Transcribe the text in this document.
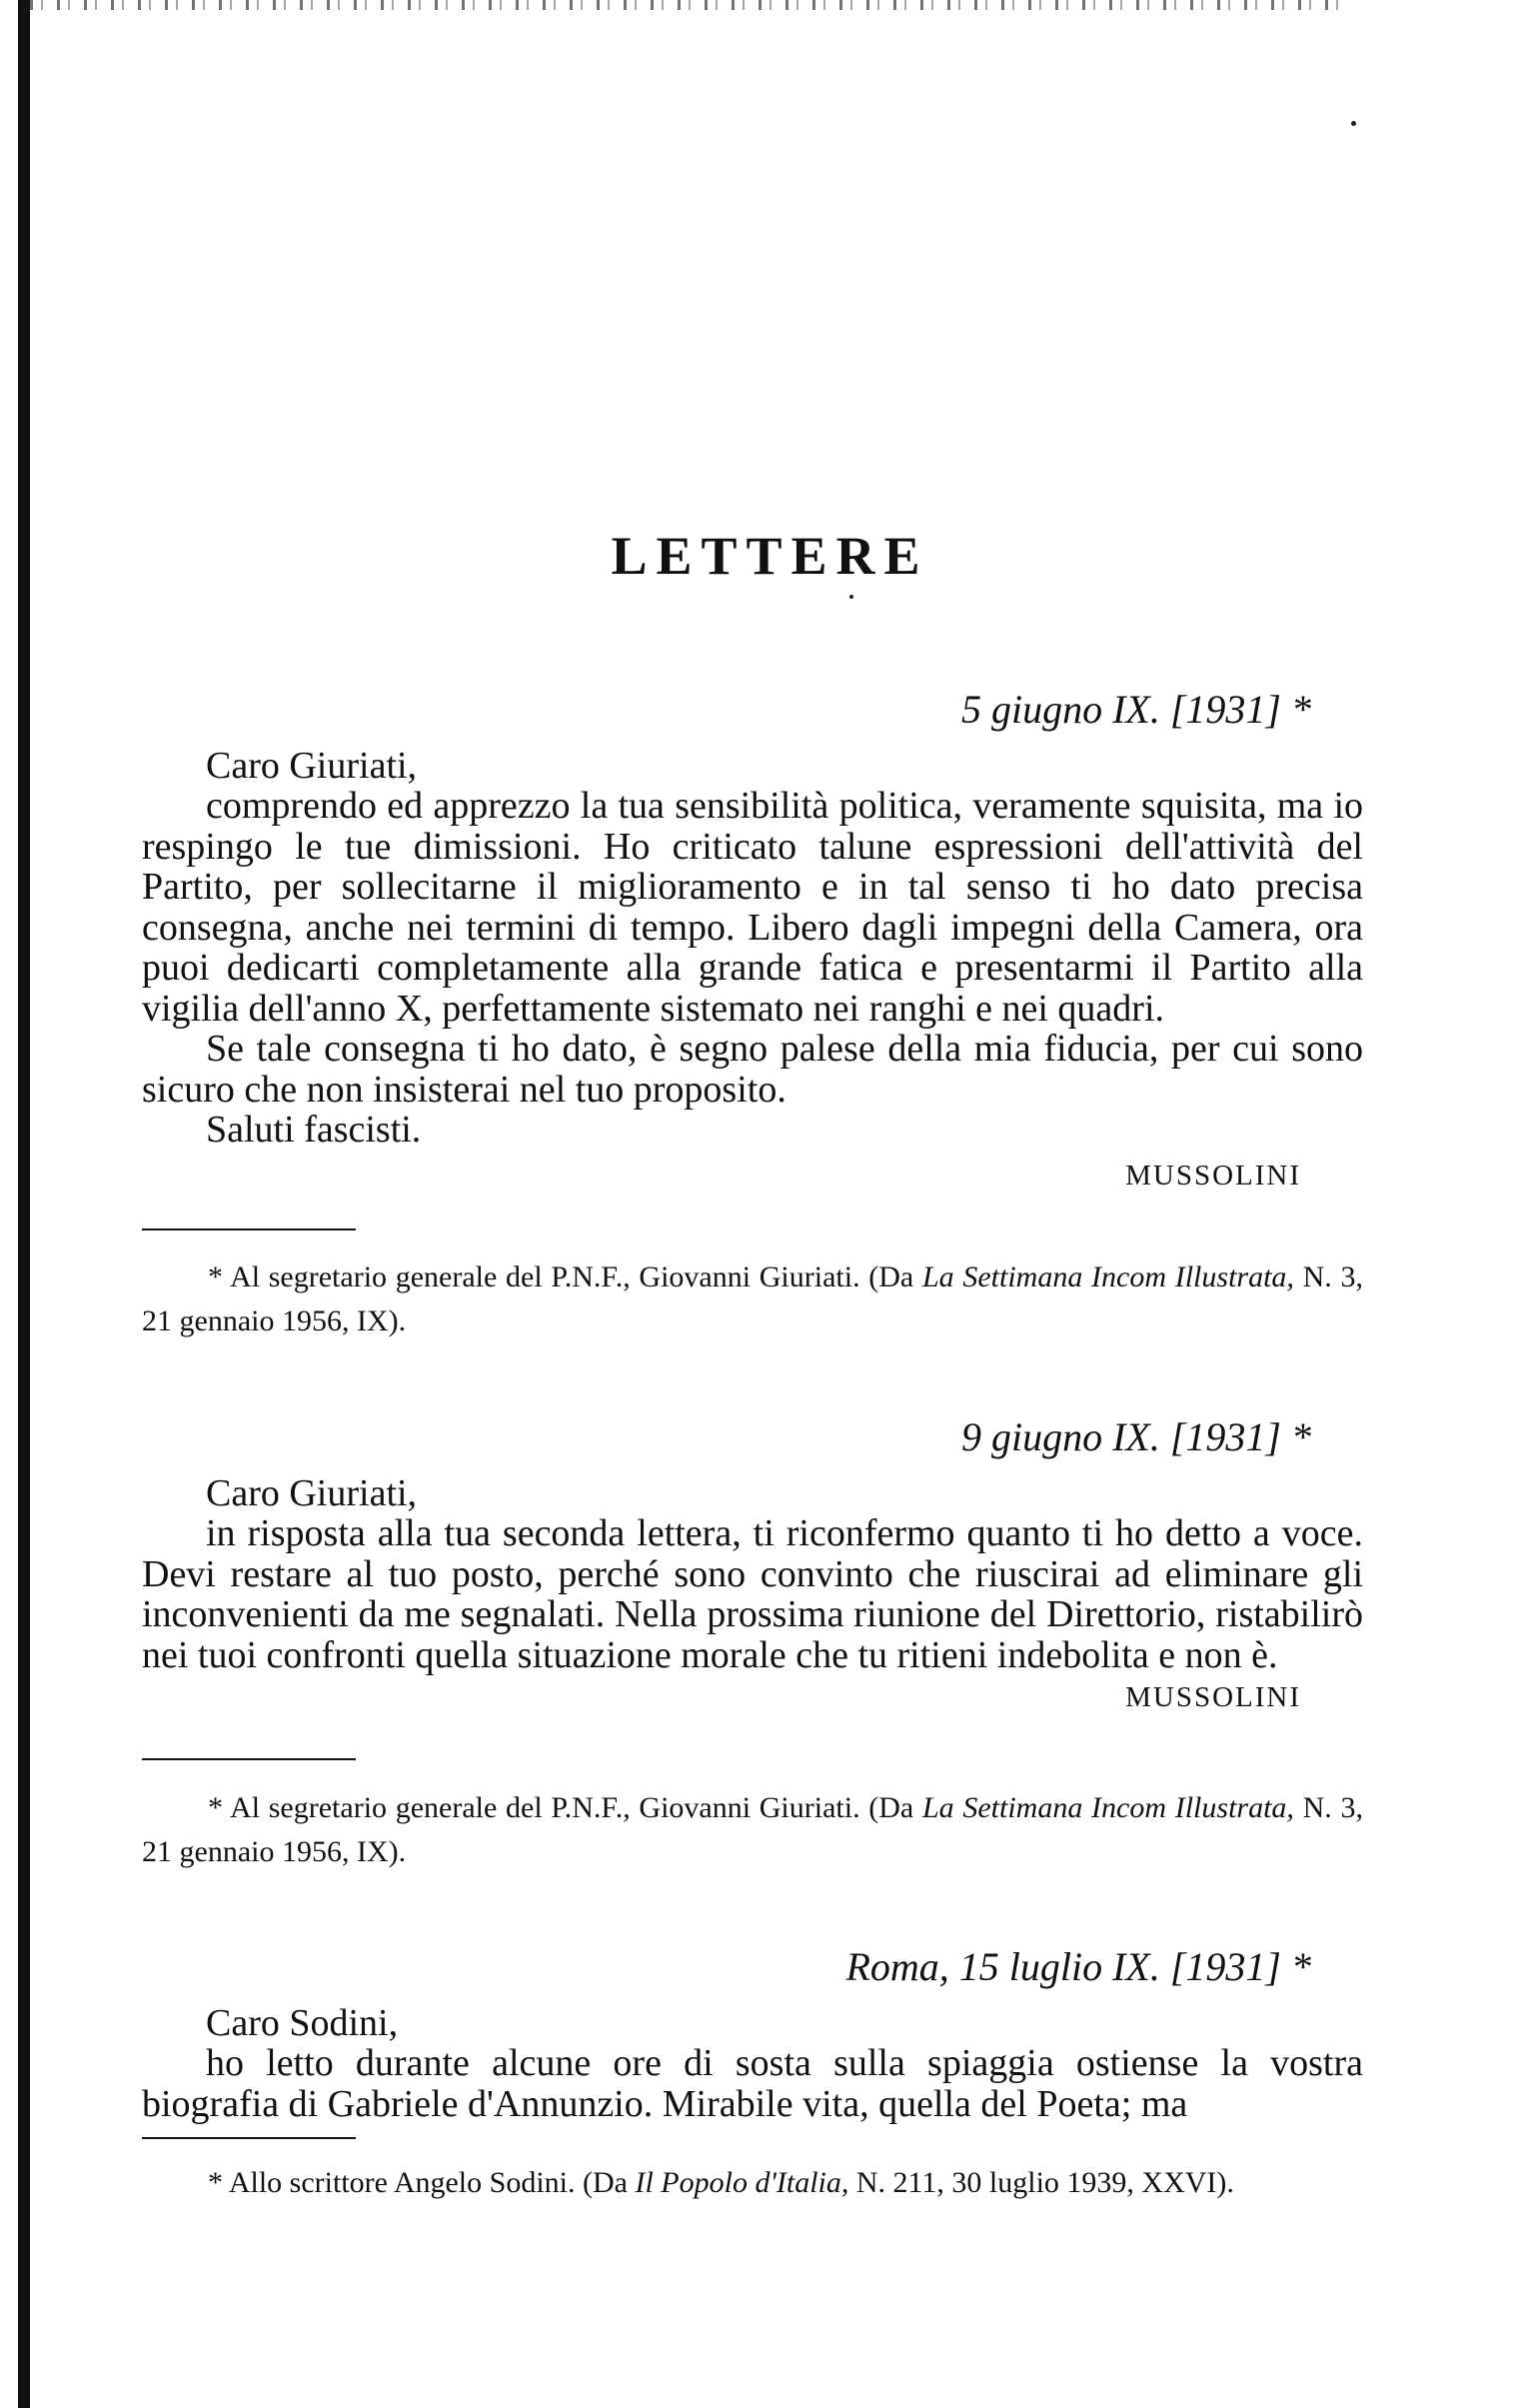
LETTERE
5 giugno IX. [1931] *
Caro Giuriati,

comprendo ed apprezzo la tua sensibilità politica, veramente squisita, ma io respingo le tue dimissioni. Ho criticato talune espressioni dell'attività del Partito, per sollecitarne il miglioramento e in tal senso ti ho dato precisa consegna, anche nei termini di tempo. Libero dagli impegni della Camera, ora puoi dedicarti completamente alla grande fatica e presentarmi il Partito alla vigilia dell'anno X, perfettamente sistemato nei ranghi e nei quadri.

Se tale consegna ti ho dato, è segno palese della mia fiducia, per cui sono sicuro che non insisterai nel tuo proposito.

Saluti fascisti.
MUSSOLINI
* Al segretario generale del P.N.F., Giovanni Giuriati. (Da La Settimana Incom Illustrata, N. 3, 21 gennaio 1956, IX).
9 giugno IX. [1931] *
Caro Giuriati,

in risposta alla tua seconda lettera, ti riconfermo quanto ti ho detto a voce. Devi restare al tuo posto, perché sono convinto che riuscirai ad eliminare gli inconvenienti da me segnalati. Nella prossima riunione del Direttorio, ristabilirò nei tuoi confronti quella situazione morale che tu ritieni indebolita e non è.

MUSSOLINI
* Al segretario generale del P.N.F., Giovanni Giuriati. (Da La Settimana Incom Illustrata, N. 3, 21 gennaio 1956, IX).
Roma, 15 luglio IX. [1931] *
Caro Sodini,

ho letto durante alcune ore di sosta sulla spiaggia ostiense la vostra biografia di Gabriele d'Annunzio. Mirabile vita, quella del Poeta; ma

* Allo scrittore Angelo Sodini. (Da Il Popolo d'Italia, N. 211, 30 luglio 1939, XXVI).
